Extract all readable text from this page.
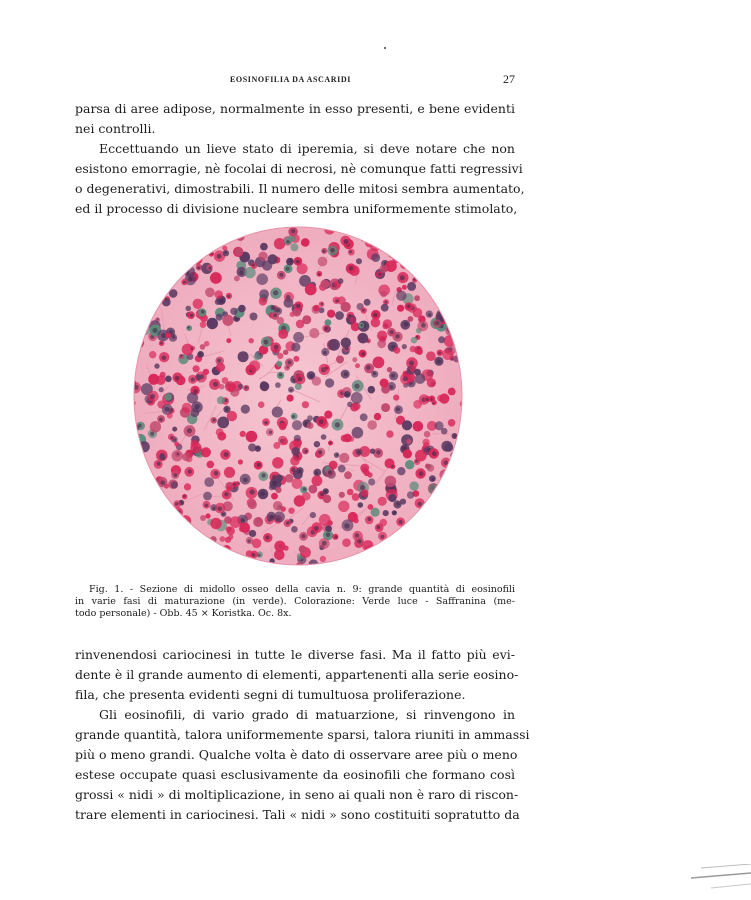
EOSINOFILIA DA ASCARIDI	27

parsa di aree adipose, normalmente in esso presenti, e bene evidenti
nei controlli.

Eccettuando un lieve stato di iperemia, si deve notare che non
esistono emorragie, nè focolai di necrosi, nè comunque fatti regressivi
o degenerativi, dimostrabili. Il numero delle mitosi sembra aumentato,
ed il processo di divisione nucleare sembra uniformemente stimolato,

Fig. 1. - Sezione di midollo osseo della cavia n. 9: grande quantità di eosinofili
in varie fasi di maturazione (in verde). Colorazione: Verde luce - Saffranina (me-
todo personale) - Obb. 45 × Koristka. Oc. 8x.

rinvenendosi cariocinesi in tutte le diverse fasi. Ma il fatto più evi-
dente è il grande aumento di elementi, appartenenti alla serie eosino-
fila, che presenta evidenti segni di tumultuosa proliferazione.

Gli eosinofili, di vario grado di matuarzione, si rinvengono in
grande quantità, talora uniformemente sparsi, talora riuniti in ammassi
più o meno grandi. Qualche volta è dato di osservare aree più o meno
estese occupate quasi esclusivamente da eosinofili che formano così
grossi « nidi » di moltiplicazione, in seno ai quali non è raro di riscon-
trare elementi in cariocinesi. Tali « nidi » sono costituiti sopratutto da
